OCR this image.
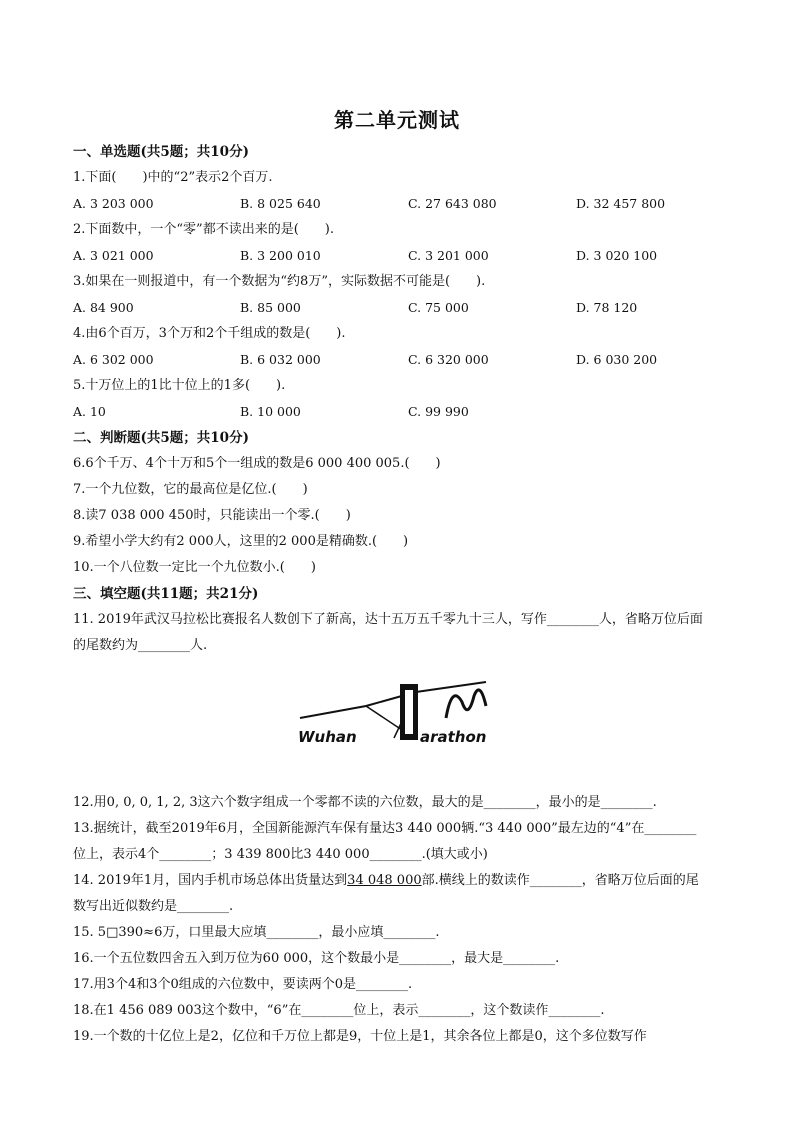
第二单元测试
一、单选题(共5题；共10分)
1.下面(　　)中的“2”表示2个百万.
A. 3 203 000	B. 8 025 640	C. 27 643 080	D. 32 457 800
2.下面数中，一个“零”都不读出来的是(　　).
A. 3 021 000	B. 3 200 010	C. 3 201 000	D. 3 020 100
3.如果在一则报道中，有一个数据为“约8万”，实际数据不可能是(　　).
A. 84 900	B. 85 000	C. 75 000	D. 78 120
4.由6个百万，3个万和2个千组成的数是(　　).
A. 6 302 000	B. 6 032 000	C. 6 320 000	D. 6 030 200
5.十万位上的1比十位上的1多(　　).
A. 10	B. 10 000	C. 99 990
二、判断题(共5题；共10分)
6.6个千万、4个十万和5个一组成的数是6 000 400 005.(　　)
7.一个九位数，它的最高位是亿位.(　　)
8.读7 038 000 450时，只能读出一个零.(　　)
9.希望小学大约有2 000人，这里的2 000是精确数.(　　)
10.一个八位数一定比一个九位数小.(　　)
三、填空题(共11题；共21分)
11. 2019年武汉马拉松比赛报名人数创下了新高，达十五万五千零九十三人，写作________人，省略万位后面
的尾数约为________人.
Wuhan	arathon
12.用0, 0, 0, 1, 2, 3这六个数字组成一个零都不读的六位数，最大的是________，最小的是________.
13.据统计，截至2019年6月，全国新能源汽车保有量达3 440 000辆.“3 440 000”最左边的“4”在________
位上，表示4个________；3 439 800比3 440 000________.(填大或小)
14. 2019年1月，国内手机市场总体出货量达到34 048 000部.横线上的数读作________，省略万位后面的尾
数写出近似数约是________.
15. 5□390≈6万，口里最大应填________，最小应填________.
16.一个五位数四舍五入到万位为60 000，这个数最小是________，最大是________.
17.用3个4和3个0组成的六位数中，要读两个0是________.
18.在1 456 089 003这个数中，“6”在________位上，表示________，这个数读作________.
19.一个数的十亿位上是2，亿位和千万位上都是9，十位上是1，其余各位上都是0，这个多位数写作
